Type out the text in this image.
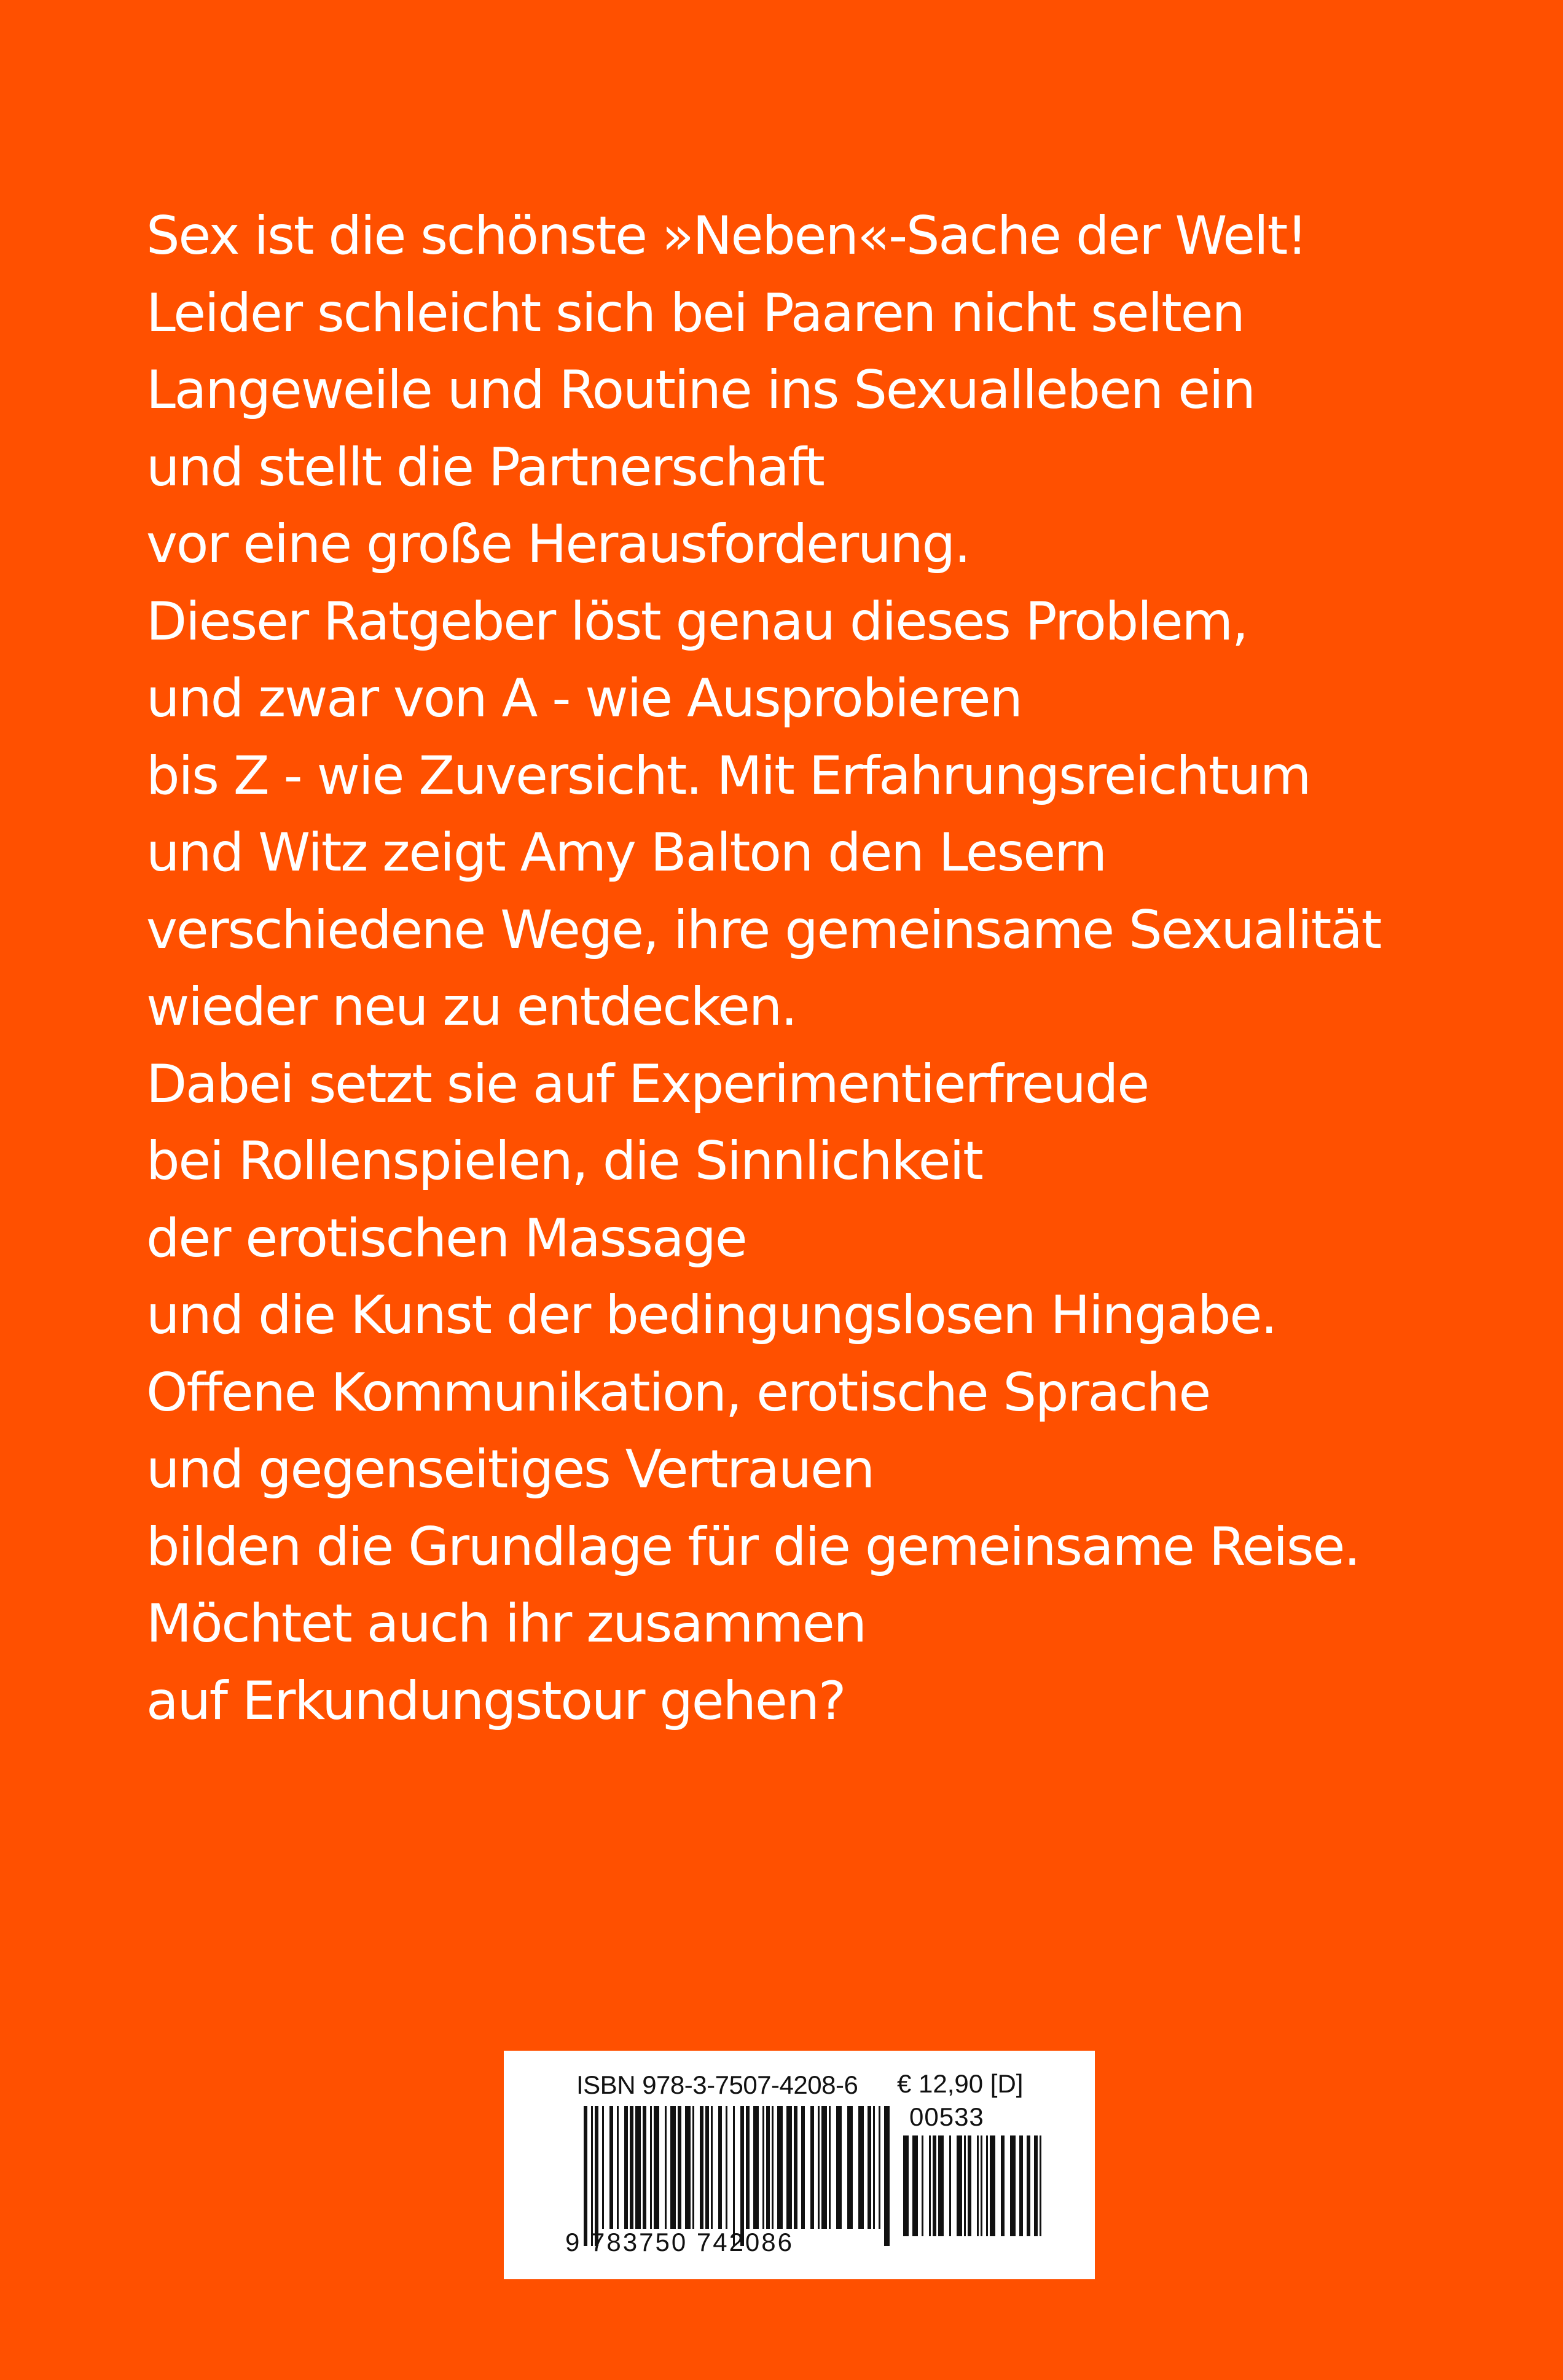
Sex ist die schönste »Neben«-Sache der Welt!
Leider schleicht sich bei Paaren nicht selten
Langeweile und Routine ins Sexualleben ein
und stellt die Partnerschaft
vor eine große Herausforderung.
Dieser Ratgeber löst genau dieses Problem,
und zwar von A - wie Ausprobieren
bis Z - wie Zuversicht. Mit Erfahrungsreichtum
und Witz zeigt Amy Balton den Lesern
verschiedene Wege, ihre gemeinsame Sexualität
wieder neu zu entdecken.
Dabei setzt sie auf Experimentierfreude
bei Rollenspielen, die Sinnlichkeit
der erotischen Massage
und die Kunst der bedingungslosen Hingabe.
Offene Kommunikation, erotische Sprache
und gegenseitiges Vertrauen
bilden die Grundlage für die gemeinsame Reise.
Möchtet auch ihr zusammen
auf Erkundungstour gehen?

ISBN 978-3-7507-4208-6 € 12,90 [D]
00533
9 783750 742086
